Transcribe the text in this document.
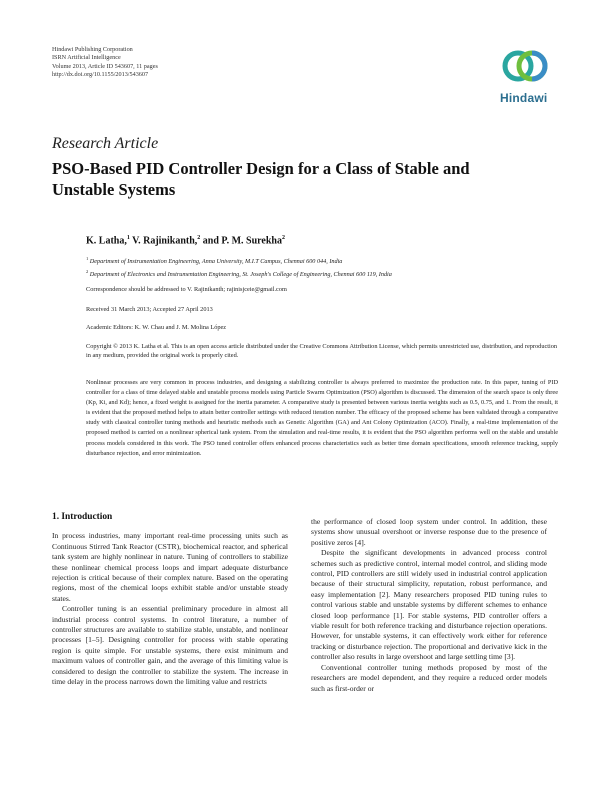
Hindawi Publishing Corporation
ISRN Artificial Intelligence
Volume 2013, Article ID 543607, 11 pages
http://dx.doi.org/10.1155/2013/543607
Hindawi
Research Article
PSO-Based PID Controller Design for a Class of Stable and Unstable Systems
K. Latha,$^1$ V. Rajinikanth,$^2$ and P. M. Surekha$^2$
$^1$ Department of Instrumentation Engineering, Anna University, M.I.T Campus, Chennai 600 044, India
$^2$ Department of Electronics and Instrumentation Engineering, St. Joseph's College of Engineering, Chennai 600 119, India
Correspondence should be addressed to V. Rajinikanth; rajinisjceie@gmail.com
Received 31 March 2013; Accepted 27 April 2013
Academic Editors: K. W. Chau and J. M. Molina López
Copyright © 2013 K. Latha et al. This is an open access article distributed under the Creative Commons Attribution License, which permits unrestricted use, distribution, and reproduction in any medium, provided the original work is properly cited.
Nonlinear processes are very common in process industries, and designing a stabilizing controller is always preferred to maximize the production rate. In this paper, tuning of PID controller for a class of time delayed stable and unstable process models using Particle Swarm Optimization (PSO) algorithm is discussed. The dimension of the search space is only three (Kp, Ki, and Kd); hence, a fixed weight is assigned for the inertia parameter. A comparative study is presented between various inertia weights such as 0.5, 0.75, and 1. From the result, it is evident that the proposed method helps to attain better controller settings with reduced iteration number. The efficacy of the proposed scheme has been validated through a comparative study with classical controller tuning methods and heuristic methods such as Genetic Algorithm (GA) and Ant Colony Optimization (ACO). Finally, a real-time implementation of the proposed method is carried on a nonlinear spherical tank system. From the simulation and real-time results, it is evident that the PSO algorithm performs well on the stable and unstable process models considered in this work. The PSO tuned controller offers enhanced process characteristics such as better time domain specifications, smooth reference tracking, supply disturbance rejection, and error minimization.
1. Introduction

In process industries, many important real-time processing units such as Continuous Stirred Tank Reactor (CSTR), biochemical reactor, and spherical tank system are highly nonlinear in nature. Tuning of controllers to stabilize these nonlinear chemical process loops and impart adequate disturbance rejection is critical because of their complex nature. Based on the operating regions, most of the chemical loops exhibit stable and/or unstable steady states.

Controller tuning is an essential preliminary procedure in almost all industrial process control systems. In control literature, a number of controller structures are available to stabilize stable, unstable, and nonlinear processes [1–5]. Designing controller for process with stable operating region is quite simple. For unstable systems, there exist minimum and maximum values of controller gain, and the average of this limiting value is considered to design the controller to stabilize the system. The increase in time delay in the process narrows down the limiting value and restricts

the performance of closed loop system under control. In addition, these systems show unusual overshoot or inverse response due to the presence of positive zeros [4].

Despite the significant developments in advanced process control schemes such as predictive control, internal model control, and sliding mode control, PID controllers are still widely used in industrial control application because of their structural simplicity, reputation, robust performance, and easy implementation [2]. Many researchers proposed PID tuning rules to control various stable and unstable systems by different schemes to enhance closed loop performance [1]. For stable systems, PID controller offers a viable result for both reference tracking and disturbance rejection operations. However, for unstable systems, it can effectively work either for reference tracking or disturbance rejection. The proportional and derivative kick in the controller also results in large overshoot and large settling time [3].

Conventional controller tuning methods proposed by most of the researchers are model dependent, and they require a reduced order models such as first-order or
